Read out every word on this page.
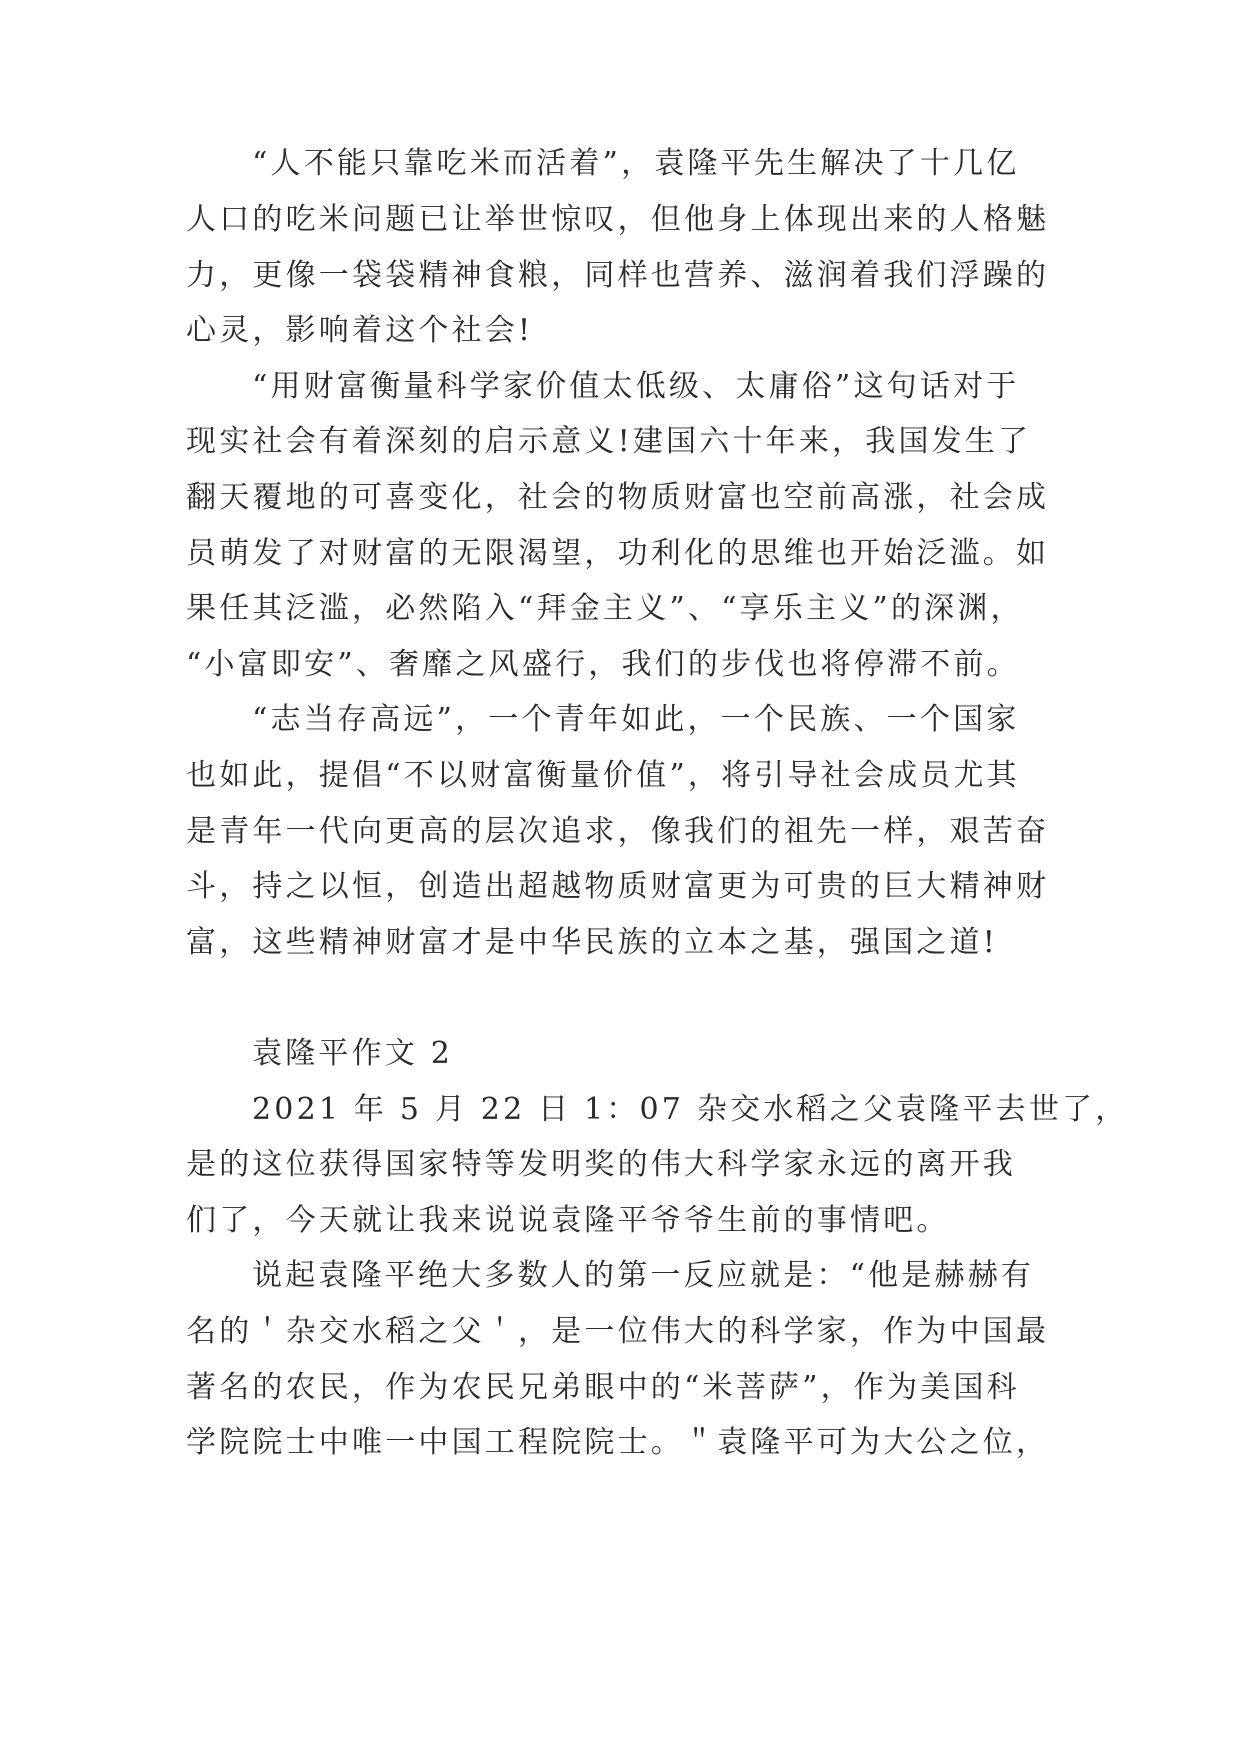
“人不能只靠吃米而活着”，袁隆平先生解决了十几亿
人口的吃米问题已让举世惊叹，但他身上体现出来的人格魅
力，更像一袋袋精神食粮，同样也营养、滋润着我们浮躁的
心灵，影响着这个社会!
“用财富衡量科学家价值太低级、太庸俗”这句话对于
现实社会有着深刻的启示意义!建国六十年来，我国发生了
翻天覆地的可喜变化，社会的物质财富也空前高涨，社会成
员萌发了对财富的无限渴望，功利化的思维也开始泛滥。如
果任其泛滥，必然陷入“拜金主义”、“享乐主义”的深渊，
“小富即安”、奢靡之风盛行，我们的步伐也将停滞不前。
“志当存高远”，一个青年如此，一个民族、一个国家
也如此，提倡“不以财富衡量价值”，将引导社会成员尤其
是青年一代向更高的层次追求，像我们的祖先一样，艰苦奋
斗，持之以恒，创造出超越物质财富更为可贵的巨大精神财
富，这些精神财富才是中华民族的立本之基，强国之道!
袁隆平作文 2
2021 年 5 月 22 日 1：07 杂交水稻之父袁隆平去世了，
是的这位获得国家特等发明奖的伟大科学家永远的离开我
们了，今天就让我来说说袁隆平爷爷生前的事情吧。
说起袁隆平绝大多数人的第一反应就是：“他是赫赫有
名的＇杂交水稻之父＇，是一位伟大的科学家，作为中国最
著名的农民，作为农民兄弟眼中的“米菩萨”，作为美国科
学院院士中唯一中国工程院院士。＂袁隆平可为大公之位，
